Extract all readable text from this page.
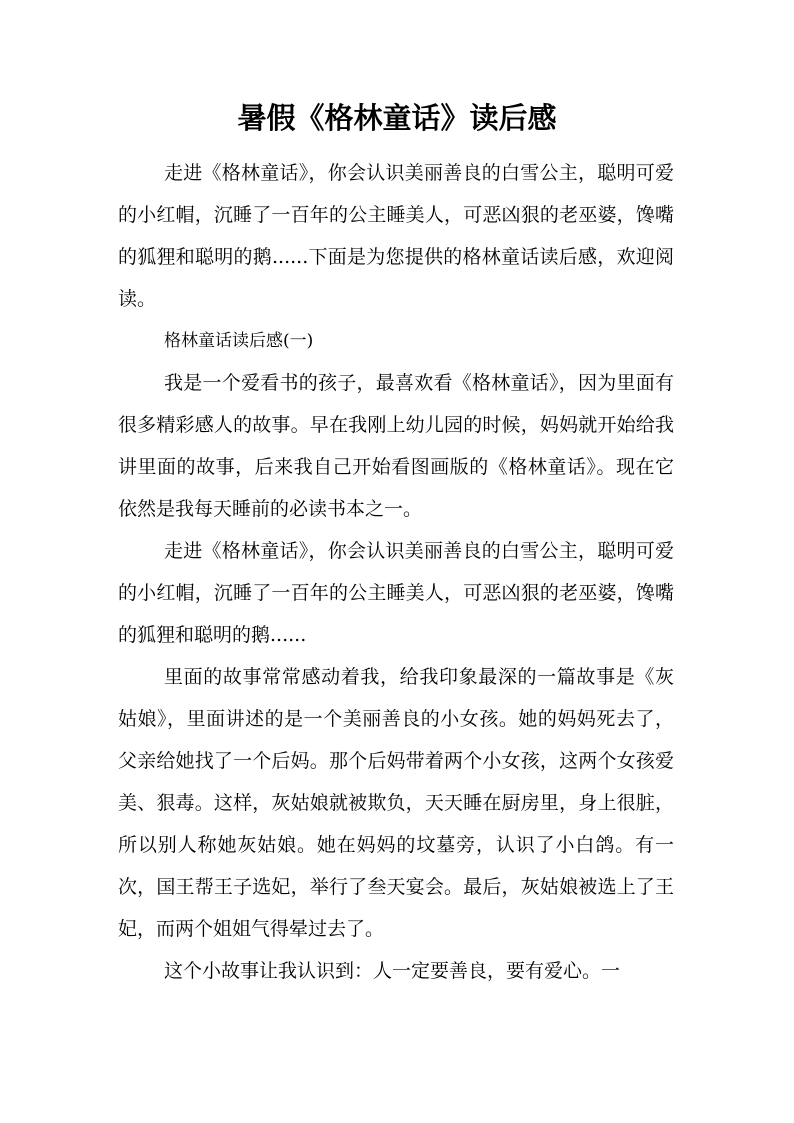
暑假《格林童话》读后感

走进《格林童话》，你会认识美丽善良的白雪公主，聪明可爱的小红帽，沉睡了一百年的公主睡美人，可恶凶狠的老巫婆，馋嘴的狐狸和聪明的鹅......下面是为您提供的格林童话读后感，欢迎阅读。

格林童话读后感(一)

我是一个爱看书的孩子，最喜欢看《格林童话》，因为里面有很多精彩感人的故事。早在我刚上幼儿园的时候，妈妈就开始给我讲里面的故事，后来我自己开始看图画版的《格林童话》。现在它依然是我每天睡前的必读书本之一。

走进《格林童话》，你会认识美丽善良的白雪公主，聪明可爱的小红帽，沉睡了一百年的公主睡美人，可恶凶狠的老巫婆，馋嘴的狐狸和聪明的鹅......

里面的故事常常感动着我，给我印象最深的一篇故事是《灰姑娘》，里面讲述的是一个美丽善良的小女孩。她的妈妈死去了，父亲给她找了一个后妈。那个后妈带着两个小女孩，这两个女孩爱美、狠毒。这样，灰姑娘就被欺负，天天睡在厨房里，身上很脏，所以别人称她灰姑娘。她在妈妈的坟墓旁，认识了小白鸽。有一次，国王帮王子选妃，举行了叁天宴会。最后，灰姑娘被选上了王妃，而两个姐姐气得晕过去了。

这个小故事让我认识到：人一定要善良，要有爱心。一
